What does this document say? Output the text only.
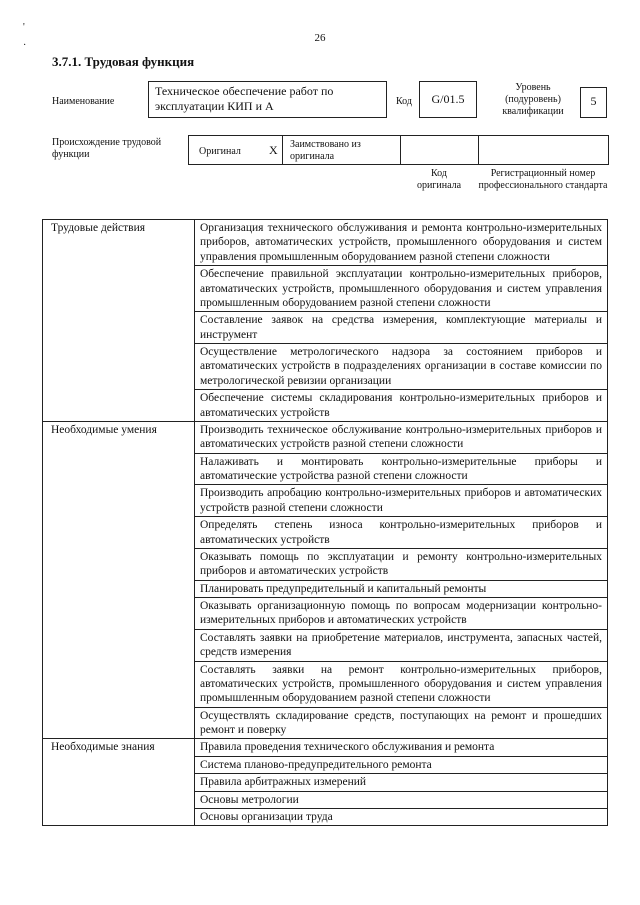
'
·
26
3.7.1. Трудовая функция
Наименование
Техническое обеспечение работ по эксплуатации КИП и А	Код	G/01.5
Уровень (подуровень) квалификации
5
Происхождение трудовой функции	Оригинал X Заимствовано из оригинала
Код оригинала
Регистрационный номер профессионального стандарта
Трудовые действия	Организация технического обслуживания и ремонта контрольно-измерительных приборов, автоматических устройств, промышленного оборудования и систем управления промышленным оборудованием разной степени сложности
	Обеспечение правильной эксплуатации контрольно-измерительных приборов, автоматических устройств, промышленного оборудования и систем управления промышленным оборудованием разной степени сложности
	Составление заявок на средства измерения, комплектующие материалы и инструмент
	Осуществление метрологического надзора за состоянием приборов и автоматических устройств в подразделениях организации в составе комиссии по метрологической ревизии организации
	Обеспечение системы складирования контрольно-измерительных приборов и автоматических устройств
Необходимые умения	Производить техническое обслуживание контрольно-измерительных приборов и автоматических устройств разной степени сложности
	Налаживать и монтировать контрольно-измерительные приборы и автоматические устройства разной степени сложности
	Производить апробацию контрольно-измерительных приборов и автоматических устройств разной степени сложности
	Определять степень износа контрольно-измерительных приборов и автоматических устройств
	Оказывать помощь по эксплуатации и ремонту контрольно-измерительных приборов и автоматических устройств
	Планировать предупредительный и капитальный ремонты
	Оказывать организационную помощь по вопросам модернизации контрольно-измерительных приборов и автоматических устройств
	Составлять заявки на приобретение материалов, инструмента, запасных частей, средств измерения
	Составлять заявки на ремонт контрольно-измерительных приборов, автоматических устройств, промышленного оборудования и систем управления промышленным оборудованием разной степени сложности
	Осуществлять складирование средств, поступающих на ремонт и прошедших ремонт и поверку
Необходимые знания	Правила проведения технического обслуживания и ремонта
	Система планово-предупредительного ремонта
	Правила арбитражных измерений
	Основы метрологии
	Основы организации труда
